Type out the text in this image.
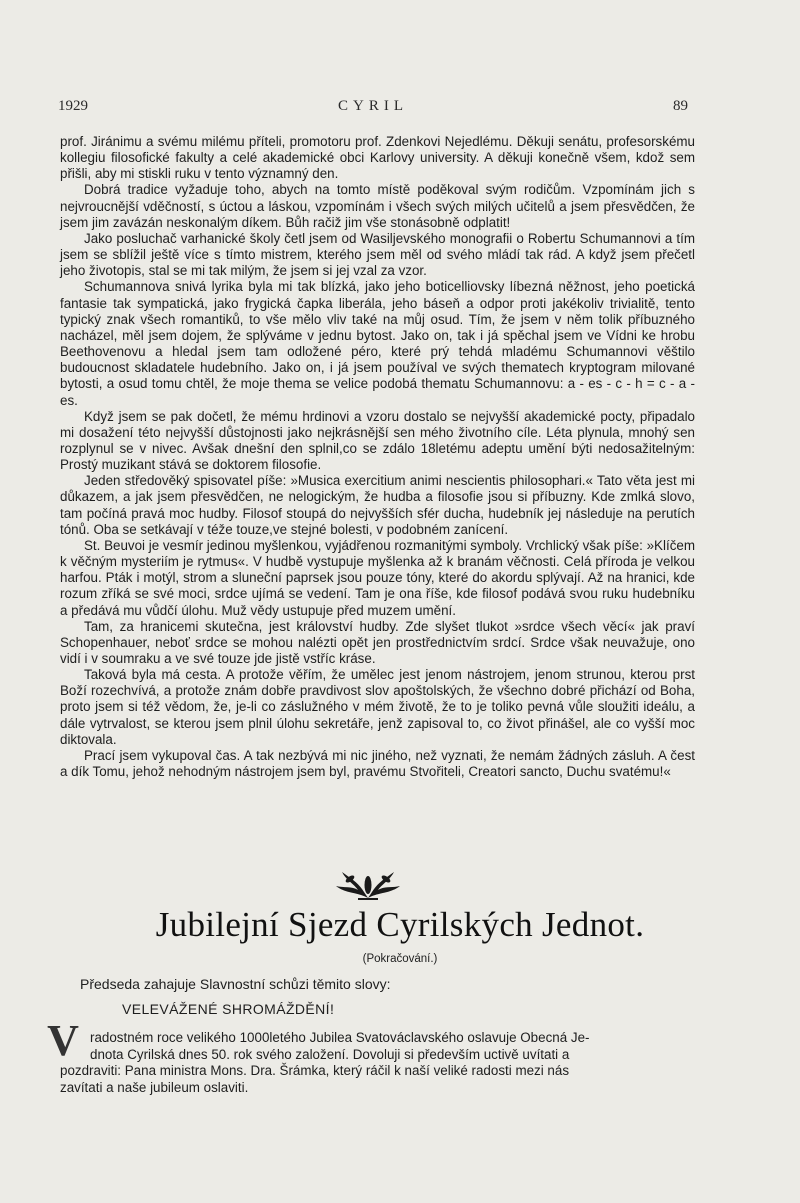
1929	CYRIL	89

prof. Jiránimu a svému milému příteli, promotoru prof. Zdenkovi Nejedlému. Děkuji senátu, profesorskému kollegiu filosofické fakulty a celé akademické obci Karlovy university. A děkuji konečně všem, kdož sem přišli, aby mi stiskli ruku v tento významný den.

Dobrá tradice vyžaduje toho, abych na tomto místě poděkoval svým rodičům. Vzpomínám jich s nejvroucnější vděčností, s úctou a láskou, vzpomínám i všech svých milých učitelů a jsem přesvědčen, že jsem jim zavázán neskonalým díkem. Bůh račiž jim vše stonásobně odplatit!

Jako posluchač varhanické školy četl jsem od Wasiljevského monografii o Robertu Schumannovi a tím jsem se sblížil ještě více s tímto mistrem, kterého jsem měl od svého mládí tak rád. A když jsem přečetl jeho životopis, stal se mi tak milým, že jsem si jej vzal za vzor.

Schumannova snivá lyrika byla mi tak blízká, jako jeho boticelliovsky líbezná něžnost, jeho poetická fantasie tak sympatická, jako frygická čapka liberála, jeho báseň a odpor proti jakékoliv trivialitě, tento typický znak všech romantiků, to vše mělo vliv také na můj osud. Tím, že jsem v něm tolik příbuzného nacházel, měl jsem dojem, že splýváme v jednu bytost. Jako on, tak i já spěchal jsem ve Vídni ke hrobu Beethovenovu a hledal jsem tam odložené péro, které prý tehdá mladému Schumannovi věštilo budoucnost skladatele hudebního. Jako on, i já jsem používal ve svých thematech kryptogram milované bytosti, a osud tomu chtěl, že moje thema se velice podobá thematu Schumannovu: a - es - c - h = c - a - es.

Když jsem se pak dočetl, že mému hrdinovi a vzoru dostalo se nejvyšší akademické pocty, připadalo mi dosažení této nejvyšší důstojnosti jako nejkrásnější sen mého životního cíle. Léta plynula, mnohý sen rozplynul se v nivec. Avšak dnešní den splnil,co se zdálo 18letému adeptu umění býti nedosažitelným: Prostý muzikant stává se doktorem filosofie.

Jeden středověký spisovatel píše: »Musica exercitium animi nescientis philosophari.« Tato věta jest mi důkazem, a jak jsem přesvědčen, ne nelogickým, že hudba a filosofie jsou si příbuzny. Kde zmlká slovo, tam počíná pravá moc hudby. Filosof stoupá do nejvyšších sfér ducha, hudebník jej následuje na perutích tónů. Oba se setkávají v téže touze,ve stejné bolesti, v podobném zanícení.

St. Beuvoi je vesmír jedinou myšlenkou, vyjádřenou rozmanitými symboly. Vrchlický však píše: »Klíčem k věčným mysteriím je rytmus«. V hudbě vystupuje myšlenka až k branám věčnosti. Celá příroda je velkou harfou. Pták i motýl, strom a sluneční paprsek jsou pouze tóny, které do akordu splývají. Až na hranici, kde rozum zříká se své moci, srdce ujímá se vedení. Tam je ona říše, kde filosof podává svou ruku hudebníku a předává mu vůdčí úlohu. Muž vědy ustupuje před muzem umění.

Tam, za hranicemi skutečna, jest království hudby. Zde slyšet tlukot »srdce všech věcí« jak praví Schopenhauer, neboť srdce se mohou nalézti opět jen prostřednictvím srdcí. Srdce však neuvažuje, ono vidí i v soumraku a ve své touze jde jistě vstříc kráse.

Taková byla má cesta. A protože věřím, že umělec jest jenom nástrojem, jenom strunou, kterou prst Boží rozechvívá, a protože znám dobře pravdivost slov apoštolských, že všechno dobré přichází od Boha, proto jsem si též vědom, že, je-li co záslužného v mém životě, že to je toliko pevná vůle sloužiti ideálu, a dále vytrvalost, se kterou jsem plnil úlohu sekretáře, jenž zapisoval to, co život přinášel, ale co vyšší moc diktovala.

Prací jsem vykupoval čas. A tak nezbývá mi nic jiného, než vyznati, že nemám žádných zásluh. A čest a dík Tomu, jehož nehodným nástrojem jsem byl, pravému Stvořiteli, Creatori sancto, Duchu svatému!«

Jubilejní Sjezd Cyrilských Jednot.
(Pokračování.)
Předseda zahajuje Slavnostní schůzi těmito slovy:
VELEVÁŽENÉ SHROMÁŽDĚNÍ!
V radostném roce velikého 1000letého Jubilea Svatováclavského oslavuje Obecná Je-
dnota Cyrilská dnes 50. rok svého založení. Dovoluji si především uctivě uvítati a
pozdraviti: Pana ministra Mons. Dra. Šrámka, který ráčil k naší veliké radosti mezi nás
zavítati a naše jubileum oslaviti.
